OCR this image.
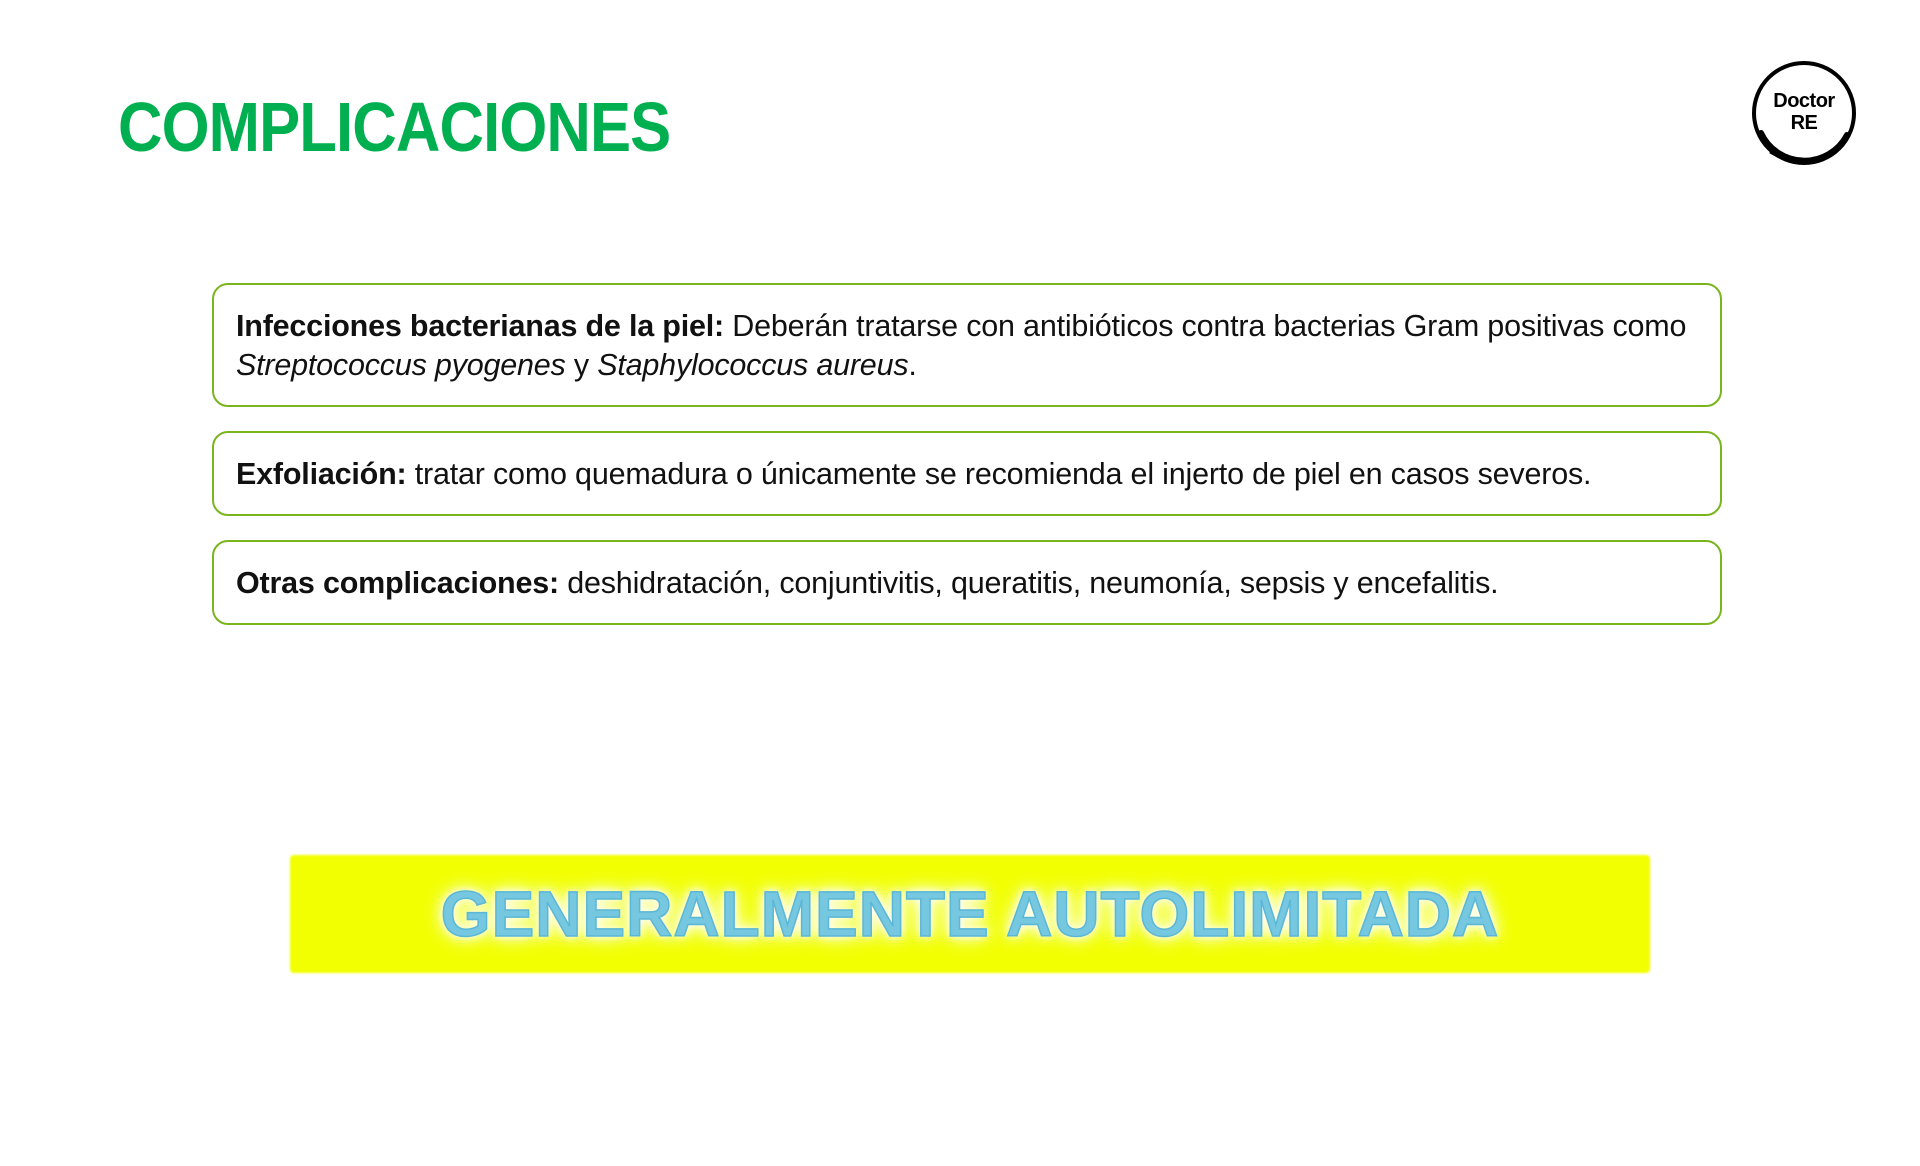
COMPLICACIONES	Doctor
RE

Infecciones bacterianas de la piel: Deberán tratarse con antibióticos contra bacterias Gram positivas como Streptococcus pyogenes y Staphylococcus aureus.

Exfoliación: tratar como quemadura o únicamente se recomienda el injerto de piel en casos severos.

Otras complicaciones: deshidratación, conjuntivitis, queratitis, neumonía, sepsis y encefalitis.

GENERALMENTE AUTOLIMITADA
